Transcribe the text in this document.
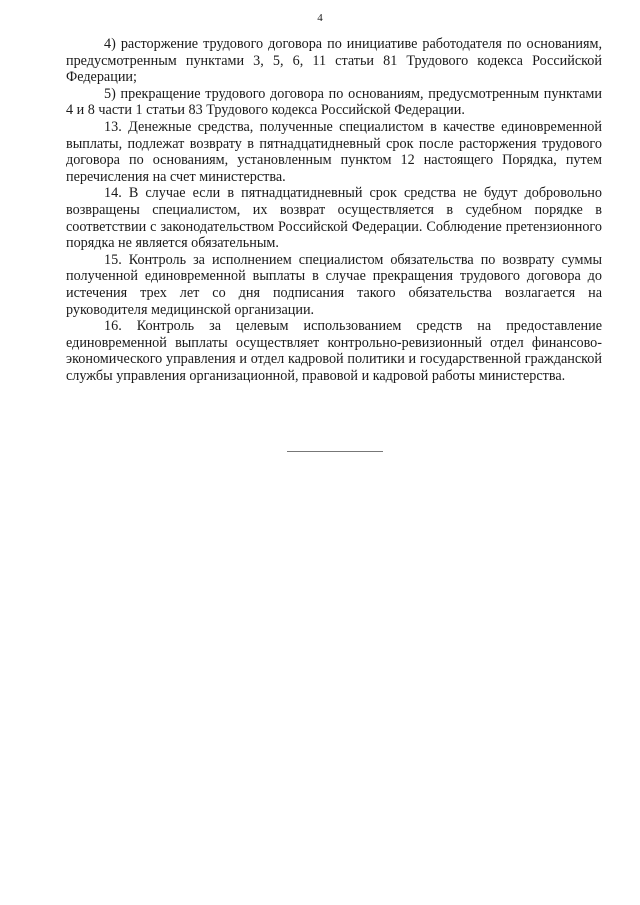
4

4) расторжение трудового договора по инициативе работодателя по основаниям, предусмотренным пунктами 3, 5, 6, 11 статьи 81 Трудового кодекса Российской Федерации;

5) прекращение трудового договора по основаниям, предусмотренным пунктами 4 и 8 части 1 статьи 83 Трудового кодекса Российской Федерации.

13. Денежные средства, полученные специалистом в качестве единовременной выплаты, подлежат возврату в пятнадцатидневный срок после расторжения трудового договора по основаниям, установленным пунктом 12 настоящего Порядка, путем перечисления на счет министерства.

14. В случае если в пятнадцатидневный срок средства не будут добровольно возвращены специалистом, их возврат осуществляется в судебном порядке в соответствии с законодательством Российской Федерации. Соблюдение претензионного порядка не является обязательным.

15. Контроль за исполнением специалистом обязательства по возврату суммы полученной единовременной выплаты в случае прекращения трудового договора до истечения трех лет со дня подписания такого обязательства возлагается на руководителя медицинской организации.

16. Контроль за целевым использованием средств на предоставление единовременной выплаты осуществляет контрольно-ревизионный отдел финансово-экономического управления и отдел кадровой политики и государственной гражданской службы управления организационной, правовой и кадровой работы министерства.
